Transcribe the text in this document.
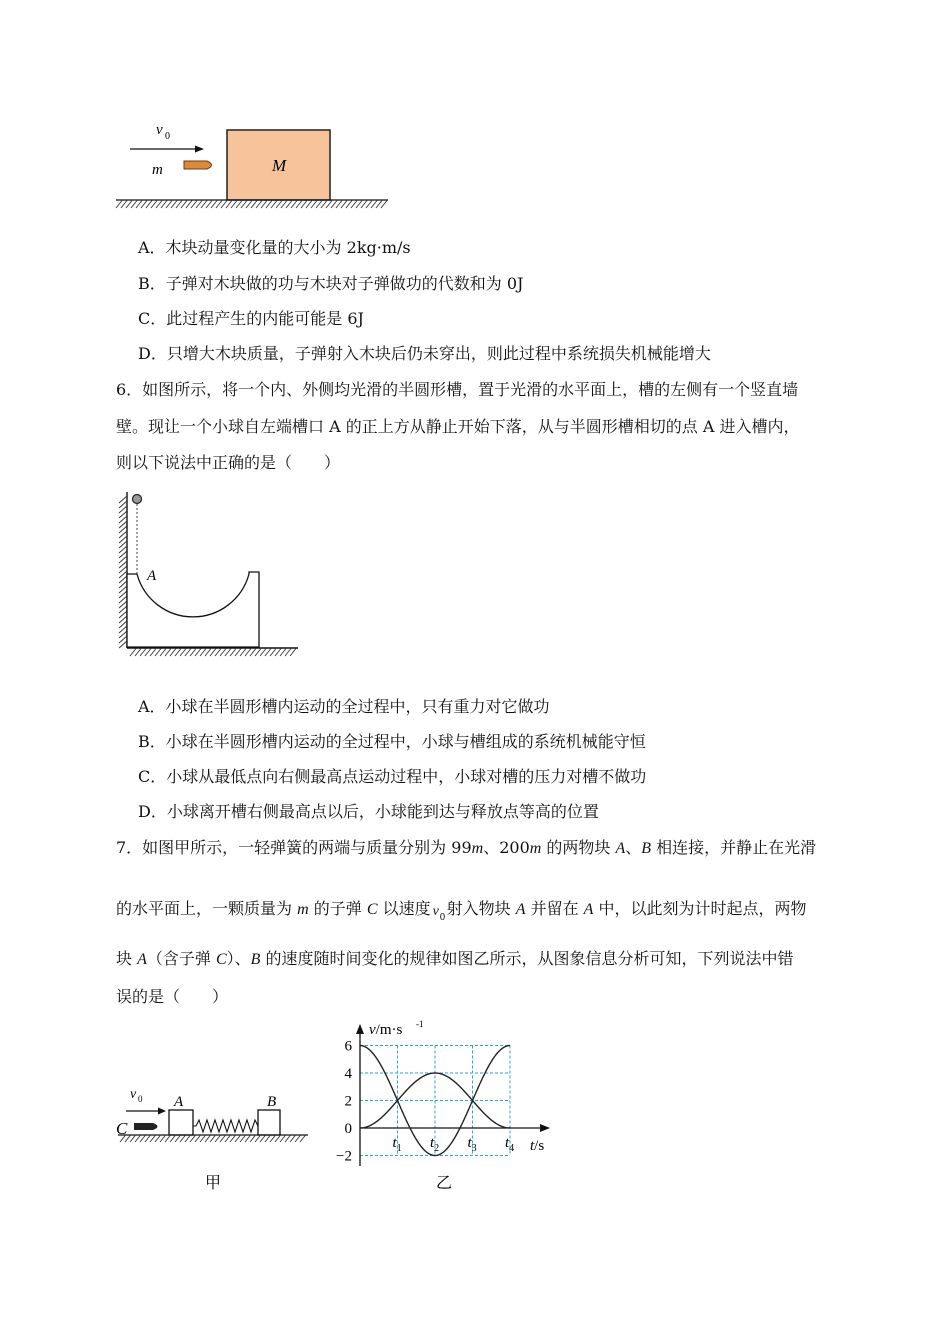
v 0
m	M
A．木块动量变化量的大小为 2kg·m/s
B．子弹对木块做的功与木块对子弹做功的代数和为 0J
C．此过程产生的内能可能是 6J
D．只增大木块质量，子弹射入木块后仍未穿出，则此过程中系统损失机械能增大
6．如图所示，将一个内、外侧均光滑的半圆形槽，置于光滑的水平面上，槽的左侧有一个竖直墙
壁。现让一个小球自左端槽口 A 的正上方从静止开始下落，从与半圆形槽相切的点 A 进入槽内，
则以下说法中正确的是（　　）
A
A．小球在半圆形槽内运动的全过程中，只有重力对它做功
B．小球在半圆形槽内运动的全过程中，小球与槽组成的系统机械能守恒
C．小球从最低点向右侧最高点运动过程中，小球对槽的压力对槽不做功
D．小球离开槽右侧最高点以后，小球能到达与释放点等高的位置
7．如图甲所示，一轻弹簧的两端与质量分别为 99m、200m 的两物块 A、B 相连接，并静止在光滑
的水平面上，一颗质量为 m 的子弹 C 以速度 v 0 射入物块 A 并留在 A 中，以此刻为计时起点，两物
块 A（含子弹 C）、B 的速度随时间变化的规律如图乙所示，从图象信息分析可知，下列说法中错
误的是（　　）
v 0
C
A	B
甲
v/m·s -1
6
4
2
0
−2
$t_1$ $t_2$ $t_3$ $t_4$ t/s
乙
